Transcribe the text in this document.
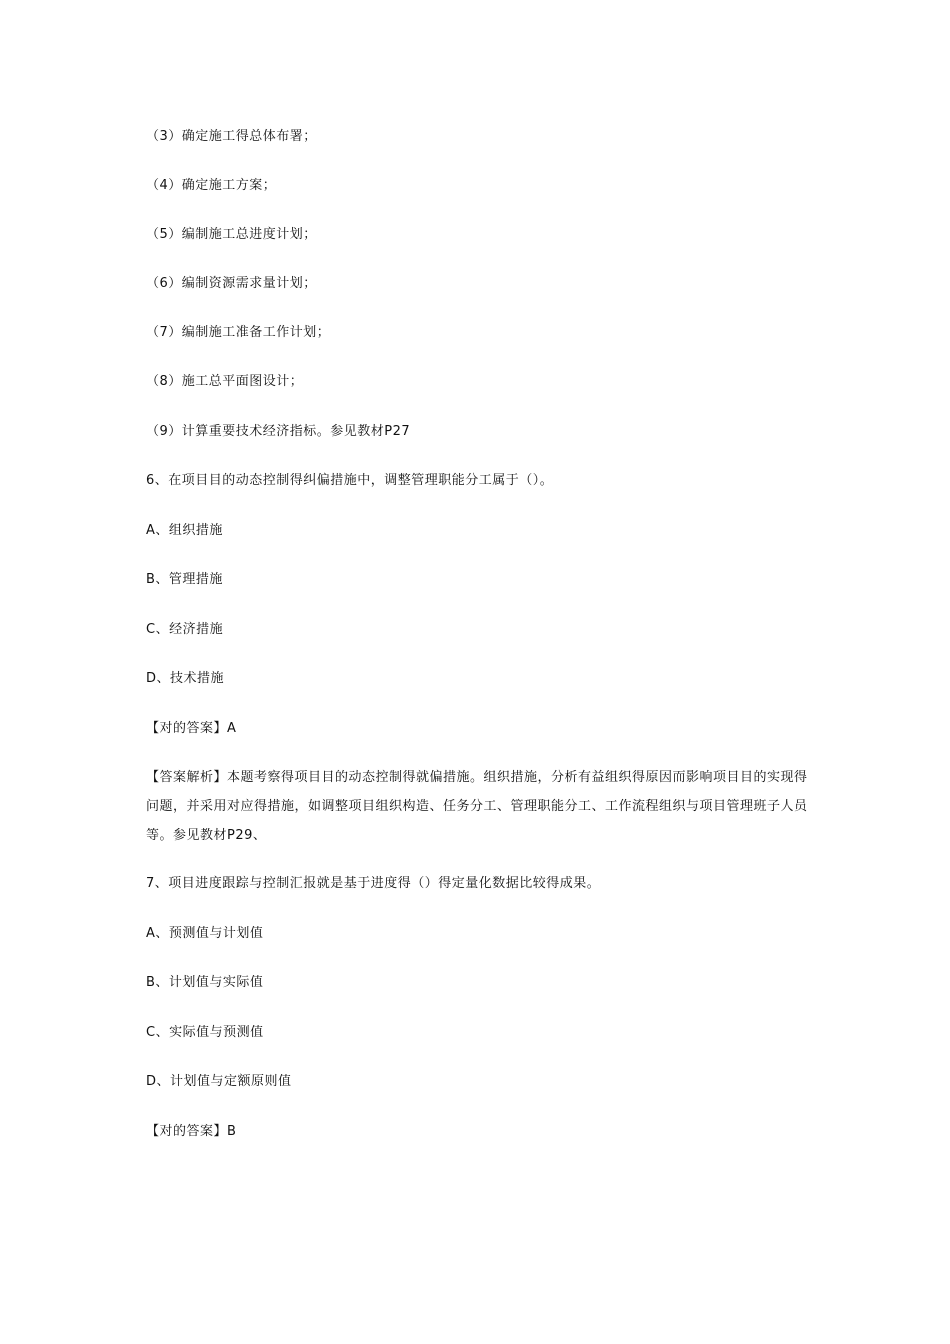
（3）确定施工得总体布署；
（4）确定施工方案；
（5）编制施工总进度计划；
（6）编制资源需求量计划；
（7）编制施工准备工作计划；
（8）施工总平面图设计；
（9）计算重要技术经济指标。参见教材P27
6、在项目目的动态控制得纠偏措施中，调整管理职能分工属于（）。
A、组织措施
B、管理措施
C、经济措施
D、技术措施
【对的答案】A
【答案解析】本题考察得项目目的动态控制得就偏措施。组织措施，分析有益组织得原因而影响项目目的实现得问题，并采用对应得措施，如调整项目组织构造、任务分工、管理职能分工、工作流程组织与项目管理班子人员等。参见教材P29、
7、项目进度跟踪与控制汇报就是基于进度得（）得定量化数据比较得成果。
A、预测值与计划值
B、计划值与实际值
C、实际值与预测值
D、计划值与定额原则值
【对的答案】B
